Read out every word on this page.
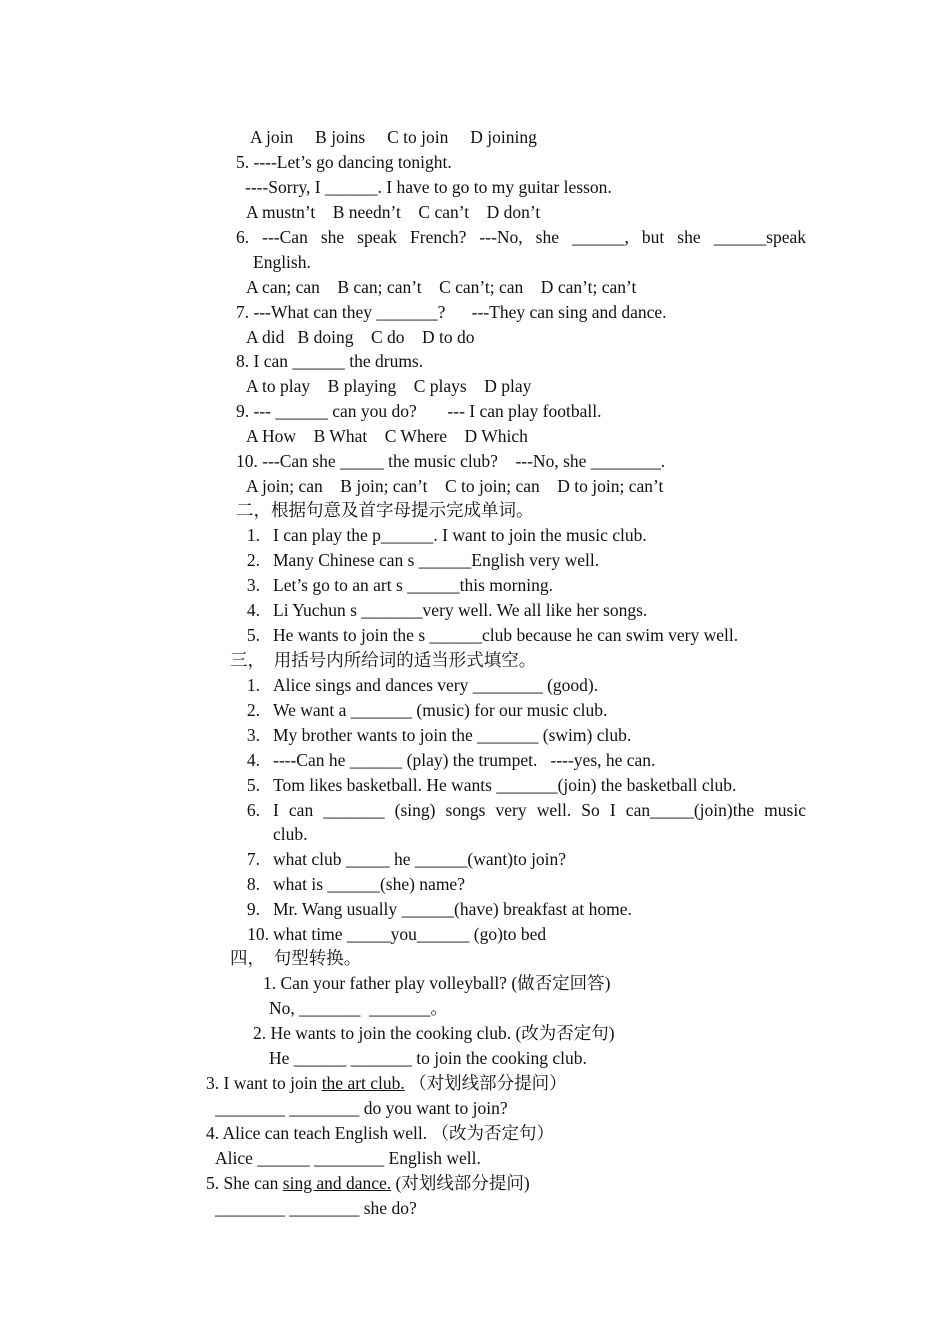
A join     B joins     C to join     D joining
5. ----Let’s go dancing tonight.
----Sorry, I ______. I have to go to my guitar lesson.
A mustn’t    B needn’t    C can’t    D don’t
6. ---Can she speak French? ---No, she ______, but she ______speak
English.
A can; can    B can; can’t    C can’t; can    D can’t; can’t
7. ---What can they _______?      ---They can sing and dance.
A did   B doing    C do    D to do
8. I can ______ the drums.
A to play    B playing    C plays    D play
9. --- ______ can you do?       --- I can play football.
A How    B What    C Where    D Which
10. ---Can she _____ the music club?    ---No, she ________.
A join; can    B join; can’t    C to join; can    D to join; can’t
二，根据句意及首字母提示完成单词。
1. I can play the p______. I want to join the music club.
2. Many Chinese can s ______English very well.
3. Let’s go to an art s ______this morning.
4. Li Yuchun s _______very well. We all like her songs.
5. He wants to join the s ______club because he can swim very well.
三，  用括号内所给词的适当形式填空。
1. Alice sings and dances very ________ (good).
2. We want a _______ (music) for our music club.
3. My brother wants to join the _______ (swim) club.
4. ----Can he ______ (play) the trumpet.   ----yes, he can.
5. Tom likes basketball. He wants _______(join) the basketball club.
6. I can _______ (sing) songs very well. So I can_____(join)the music
club.
7. what club _____ he ______(want)to join?
8. what is ______(she) name?
9. Mr. Wang usually ______(have) breakfast at home.
10. what time _____you______ (go)to bed
四，  句型转换。
1. Can your father play volleyball? (做否定回答)
No, _______  _______。
2. He wants to join the cooking club. (改为否定句)
He ______ _______ to join the cooking club.
3. I want to join the art club. （对划线部分提问）
________ ________ do you want to join?
4. Alice can teach English well. （改为否定句）
Alice ______ ________ English well.
5. She can sing and dance. (对划线部分提问)
________ ________ she do?
